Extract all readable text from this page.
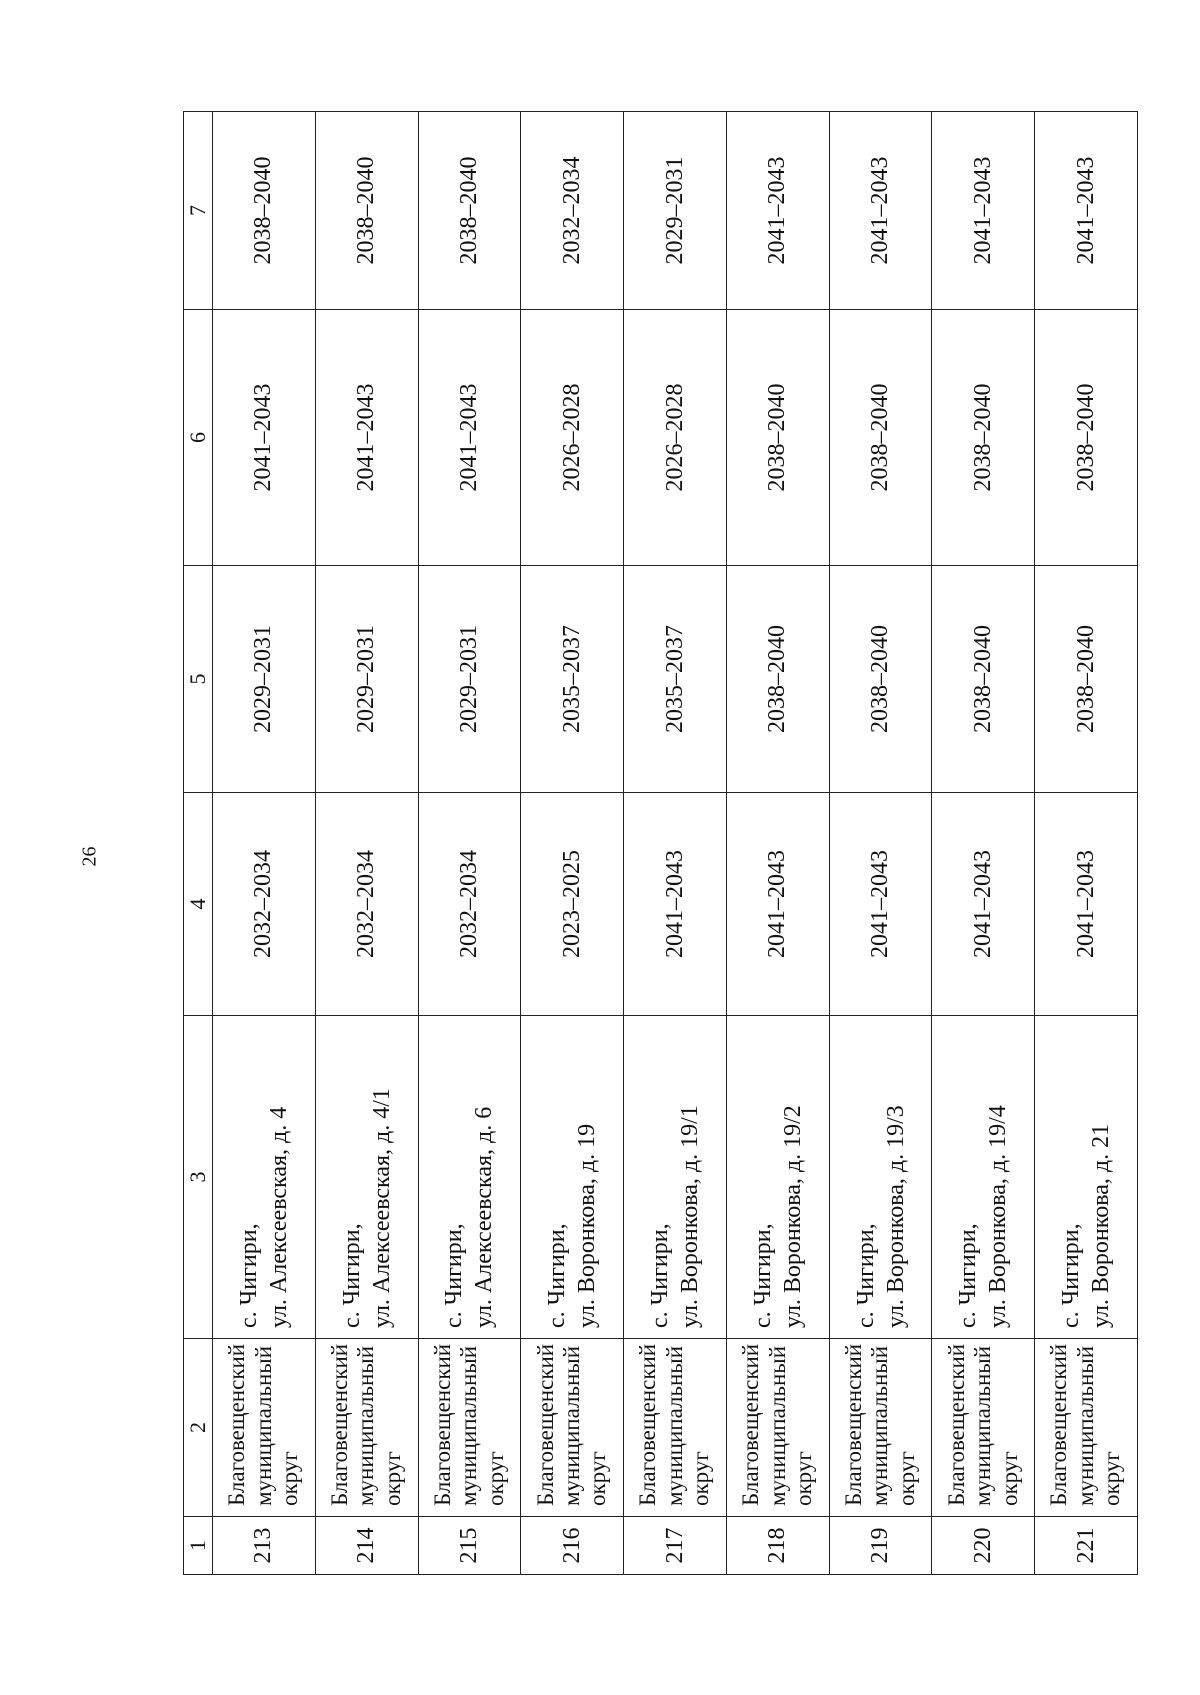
26
1	2	3	4	5	6	7

213	Благовещенский
муниципальный
округ	с. Чигири,
ул. Алексеевская, д. 4	2032–2034	2029–2031	2041–2043	2038–2040

214	Благовещенский
муниципальный
округ	с. Чигири,
ул. Алексеевская, д. 4/1	2032–2034	2029–2031	2041–2043	2038–2040

215	Благовещенский
муниципальный
округ	с. Чигири,
ул. Алексеевская, д. 6	2032–2034	2029–2031	2041–2043	2038–2040

216	Благовещенский
муниципальный
округ	с. Чигири,
ул. Воронкова, д. 19	2023–2025	2035–2037	2026–2028	2032–2034

217	Благовещенский
муниципальный
округ	с. Чигири,
ул. Воронкова, д. 19/1	2041–2043	2035–2037	2026–2028	2029–2031

218	Благовещенский
муниципальный
округ	с. Чигири,
ул. Воронкова, д. 19/2	2041–2043	2038–2040	2038–2040	2041–2043

219	Благовещенский
муниципальный
округ	с. Чигири,
ул. Воронкова, д. 19/3	2041–2043	2038–2040	2038–2040	2041–2043

220	Благовещенский
муниципальный
округ	с. Чигири,
ул. Воронкова, д. 19/4	2041–2043	2038–2040	2038–2040	2041–2043

221	Благовещенский
муниципальный
округ	с. Чигири,
ул. Воронкова, д. 21	2041–2043	2038–2040	2038–2040	2041–2043
